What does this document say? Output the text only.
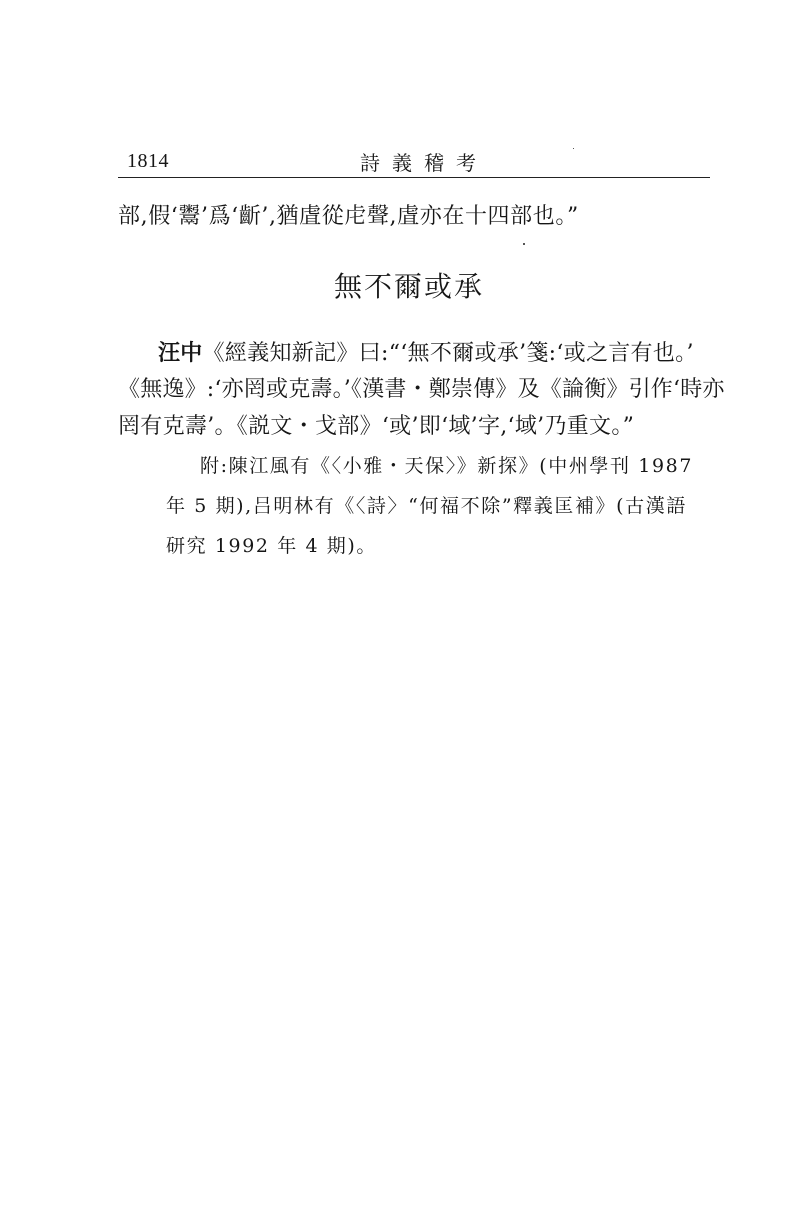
1814	詩義稽考
部,假‘鬻’爲‘齗’,猶虘從虍聲,虘亦在十四部也。”
無不爾或承
汪中《經義知新記》曰:“‘無不爾或承’箋:‘或之言有也。’
《無逸》:‘亦罔或克壽。’《漢書・鄭崇傳》及《論衡》引作‘時亦
罔有克壽’。《説文・戈部》‘或’即‘域’字,‘域’乃重文。”
附:陳江風有《〈小雅・天保〉》新探》(中州學刊 1987
年 5 期),吕明林有《〈詩〉“何福不除”釋義匡補》(古漢語
研究 1992 年 4 期)。
